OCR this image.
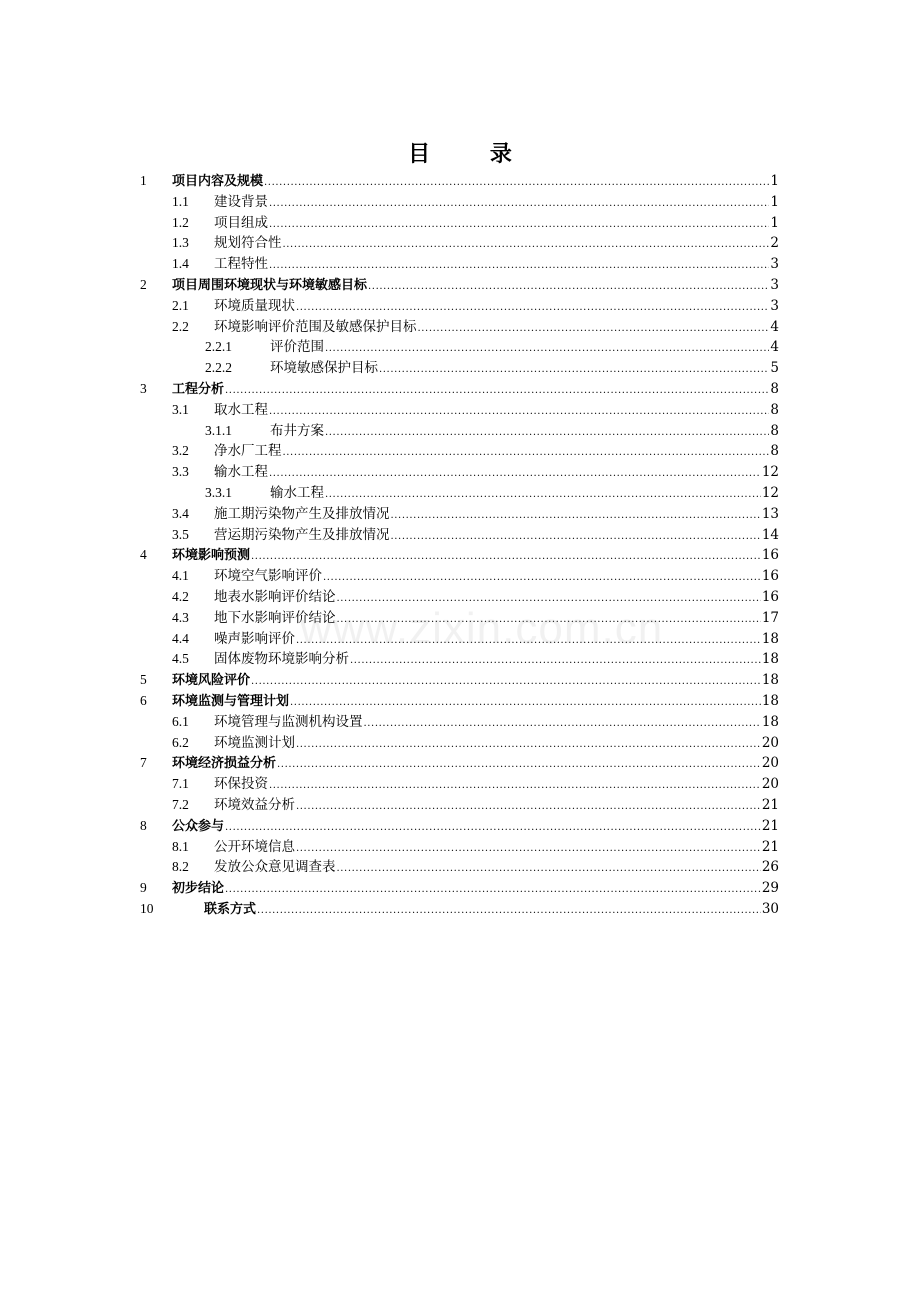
目 录
1 项目内容及规模 .....	1
1.1 建设背景 .....	1
1.2 项目组成 .....	1
1.3 规划符合性 .....	2
1.4 工程特性 .....	3
2 项目周围环境现状与环境敏感目标 .....	3
2.1 环境质量现状 .....	3
2.2 环境影响评价范围及敏感保护目标 .....	4
2.2.1	评价范围 .....	4
2.2.2	环境敏感保护目标 .....	5
3 工程分析 .....	8
3.1 取水工程 .....	8
3.1.1	布井方案 .....	8
3.2 净水厂工程 .....	8
3.3 输水工程 .....	12
3.3.1	输水工程 .....	12
3.4 施工期污染物产生及排放情况 .....	13
3.5 营运期污染物产生及排放情况 .....	14
4 环境影响预测 .....	16
4.1 环境空气影响评价 .....	16
4.2 地表水影响评价结论 .....	16
4.3 地下水影响评价结论 .....	17
4.4 噪声影响评价 .....	18
4.5 固体废物环境影响分析 .....	18
5 环境风险评价 .....	18
6 环境监测与管理计划 .....	18
6.1 环境管理与监测机构设置 .....	18
6.2 环境监测计划 .....	20
7 环境经济损益分析 .....	20
7.1 环保投资 .....	20
7.2 环境效益分析 .....	21
8 公众参与 .....	21
8.1 公开环境信息 .....	21
8.2 发放公众意见调查表 .....	26
9 初步结论 .....	29
10	联系方式 .....	30
www.zixin.com.cn
